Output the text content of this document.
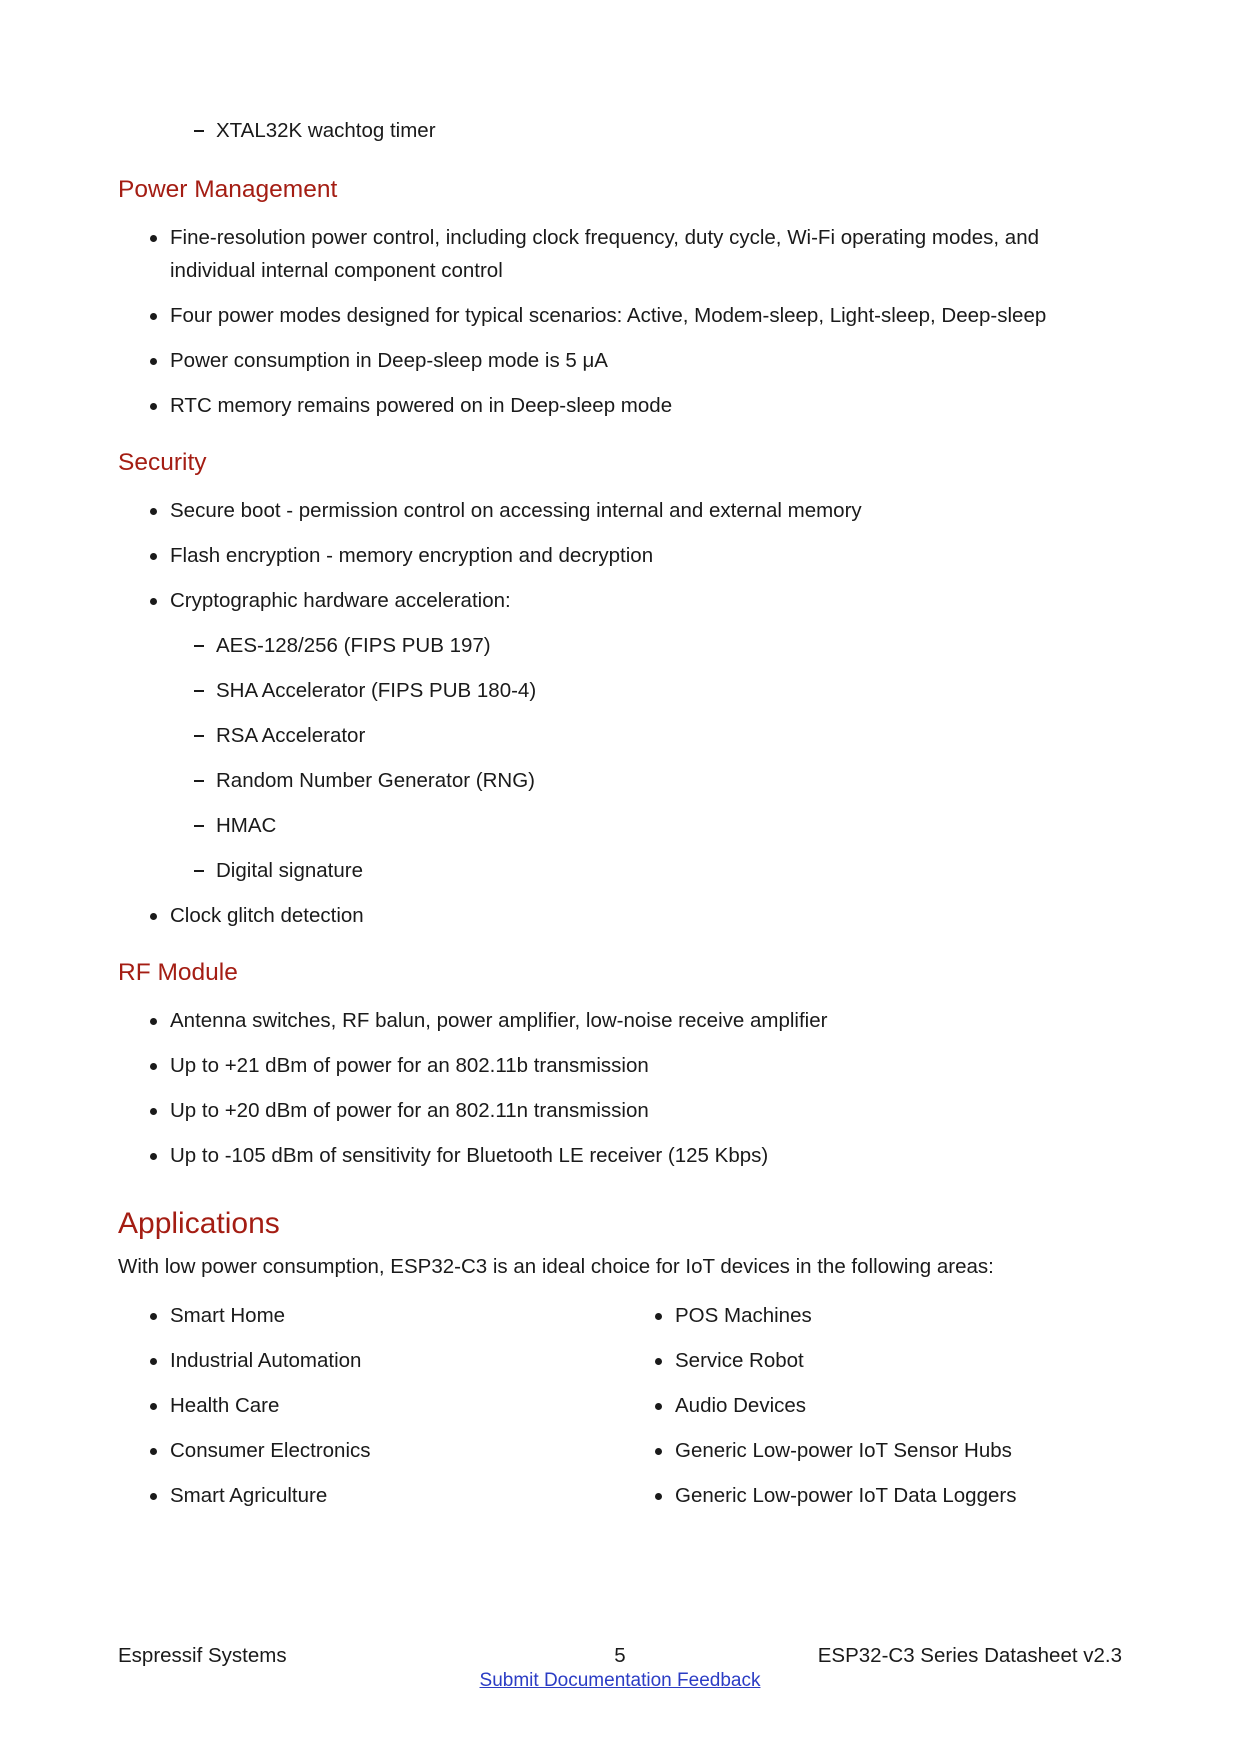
XTAL32K wachtog timer
Power Management
Fine-resolution power control, including clock frequency, duty cycle, Wi-Fi operating modes, and individual internal component control
Four power modes designed for typical scenarios: Active, Modem-sleep, Light-sleep, Deep-sleep
Power consumption in Deep-sleep mode is 5 μA
RTC memory remains powered on in Deep-sleep mode
Security
Secure boot - permission control on accessing internal and external memory
Flash encryption - memory encryption and decryption
Cryptographic hardware acceleration:
AES-128/256 (FIPS PUB 197)
SHA Accelerator (FIPS PUB 180-4)
RSA Accelerator
Random Number Generator (RNG)
HMAC
Digital signature
Clock glitch detection
RF Module
Antenna switches, RF balun, power amplifier, low-noise receive amplifier
Up to +21 dBm of power for an 802.11b transmission
Up to +20 dBm of power for an 802.11n transmission
Up to -105 dBm of sensitivity for Bluetooth LE receiver (125 Kbps)
Applications

With low power consumption, ESP32-C3 is an ideal choice for IoT devices in the following areas:

Smart Home
Industrial Automation
Health Care
Consumer Electronics
Smart Agriculture
POS Machines
Service Robot
Audio Devices
Generic Low-power IoT Sensor Hubs
Generic Low-power IoT Data Loggers
Espressif Systems	5	ESP32-C3 Series Datasheet v2.3
Submit Documentation Feedback
